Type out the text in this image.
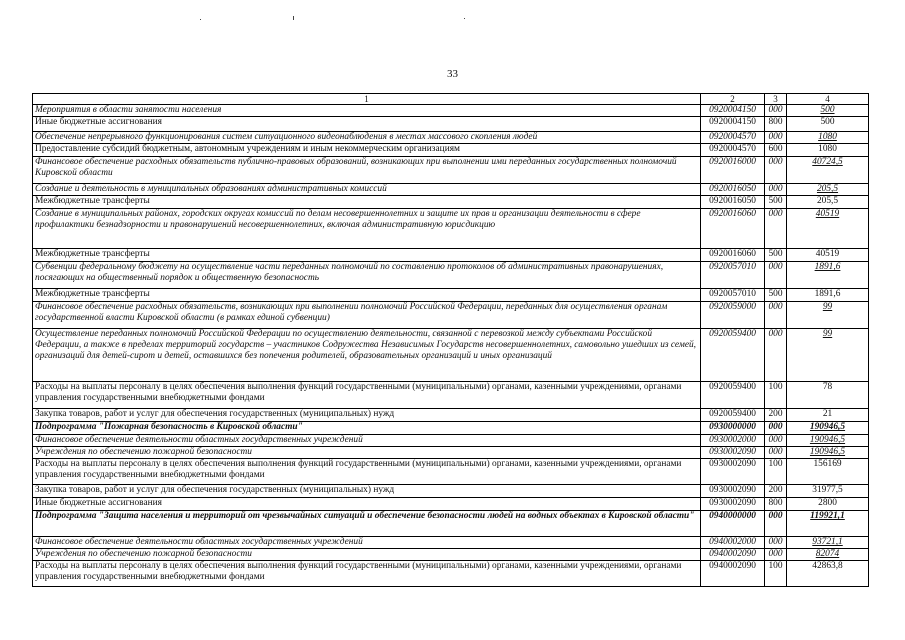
33
1	2	3	4
Мероприятия в области занятости населения	0920004150	000	500
Иные бюджетные ассигнования	0920004150	800	500
Обеспечение непрерывного функционирования систем ситуационного видеонаблюдения в местах массового скопления людей	0920004570	000	1080
Предоставление субсидий бюджетным, автономным учреждениям и иным некоммерческим организациям	0920004570	600	1080
Финансовое обеспечение расходных обязательств публично-правовых образований, возникающих при выполнении ими переданных государственных полномочий Кировской области	0920016000	000	40724,5
Создание и деятельность в муниципальных образованиях административных комиссий	0920016050	000	205,5
Межбюджетные трансферты	0920016050	500	205,5
Создание в муниципальных районах, городских округах комиссий по делам несовершеннолетних и защите их прав и организации деятельности в сфере профилактики безнадзорности и правонарушений несовершеннолетних, включая административную юрисдикцию	0920016060	000	40519
Межбюджетные трансферты	0920016060	500	40519
Субвенции федеральному бюджету на осуществление части переданных полномочий по составлению протоколов об административных правонарушениях, посягающих на общественный порядок и общественную безопасность	0920057010	000	1891,6
Межбюджетные трансферты	0920057010	500	1891,6
Финансовое обеспечение расходных обязательств, возникающих при выполнении полномочий Российской Федерации, переданных для осуществления органам государственной власти Кировской области (в рамках единой субвенции)	0920059000	000	99
Осуществление переданных полномочий Российской Федерации по осуществлению деятельности, связанной с перевозкой между субъектами Российской Федерации, а также в пределах территорий государств – участников Содружества Независимых Государств несовершеннолетних, самовольно ушедших из семей, организаций для детей-сирот и детей, оставшихся без попечения родителей, образовательных организаций и иных организаций	0920059400	000	99
Расходы на выплаты персоналу в целях обеспечения выполнения функций государственными (муниципальными) органами, казенными учреждениями, органами управления государственными внебюджетными фондами	0920059400	100	78
Закупка товаров, работ и услуг для обеспечения государственных (муниципальных) нужд	0920059400	200	21
Подпрограмма "Пожарная безопасность в Кировской области"	0930000000	000	190946,5
Финансовое обеспечение деятельности областных государственных учреждений	0930002000	000	190946,5
Учреждения по обеспечению пожарной безопасности	0930002090	000	190946,5
Расходы на выплаты персоналу в целях обеспечения выполнения функций государственными (муниципальными) органами, казенными учреждениями, органами управления государственными внебюджетными фондами	0930002090	100	156169
Закупка товаров, работ и услуг для обеспечения государственных (муниципальных) нужд	0930002090	200	31977,5
Иные бюджетные ассигнования	0930002090	800	2800
Подпрограмма "Защита населения и территорий от чрезвычайных ситуаций и обеспечение безопасности людей на водных объектах в Кировской области"	0940000000	000	119921,1
Финансовое обеспечение деятельности областных государственных учреждений	0940002000	000	93721,1
Учреждения по обеспечению пожарной безопасности	0940002090	000	82074
Расходы на выплаты персоналу в целях обеспечения выполнения функций государственными (муниципальными) органами, казенными учреждениями, органами управления государственными внебюджетными фондами	0940002090	100	42863,8
